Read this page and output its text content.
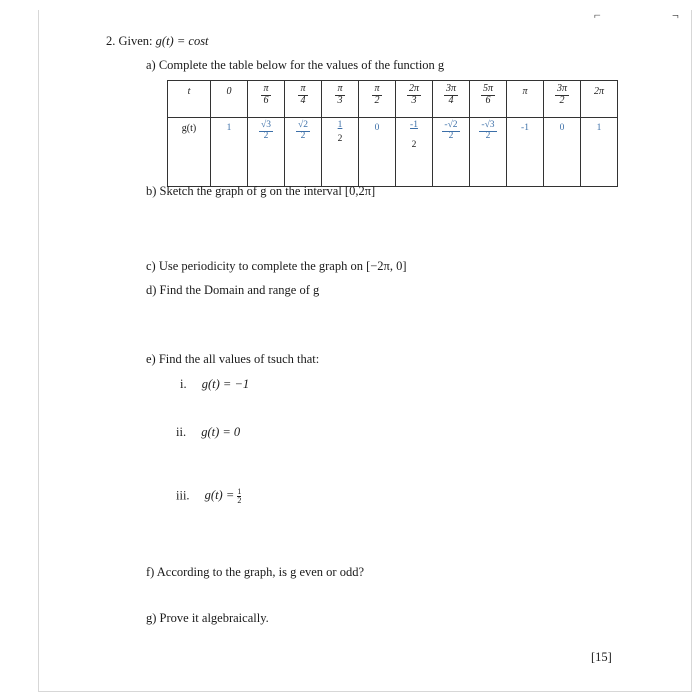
⌐	¬
2. Given: g(t) = cost
a) Complete the table below for the values of the function g
t	0	$\frac{\pi}{6}$	$\frac{\pi}{4}$	$\frac{\pi}{3}$	$\frac{\pi}{2}$	$\frac{2\pi}{3}$	$\frac{3\pi}{4}$	$\frac{5\pi}{6}$	π	$\frac{3\pi}{2}$	2π

g(t)	1	$\frac{√3}{2}$	$\frac{√2}{2}$	$\frac{1}{2}$	0	$\frac{-1}{2}$	$\frac{-√2}{2}$	$\frac{-√3}{2}$	-1	0	1
b) Sketch the graph of g on the interval [0,2π]
c) Use periodicity to complete the graph on [−2π, 0]
d) Find the Domain and range of g
e) Find the all values of tsuch that:
i. g(t) = −1
ii. g(t) = 0
iii. $g(t) = \frac{1}{2}$
f) According to the graph, is g even or odd?
g) Prove it algebraically.
[15]
